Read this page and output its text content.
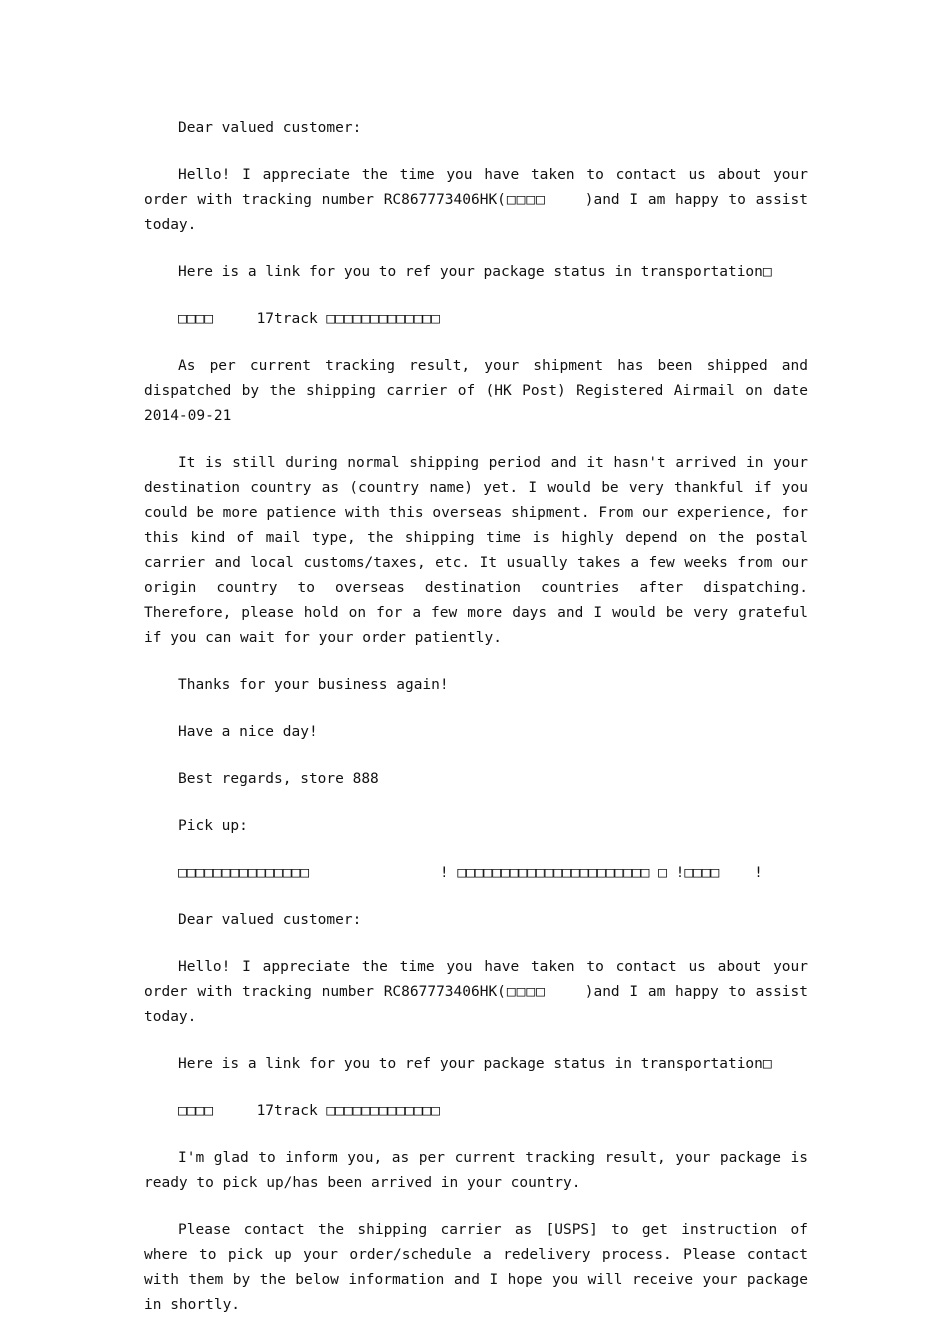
Dear valued customer:

Hello! I appreciate the time you have taken to contact us about your order with tracking number RC867773406HK(□□□□    )and I am happy to assist today.

Here is a link for you to ref your package status in transportation□

□□□□     17track □□□□□□□□□□□□□

As per current tracking result, your shipment has been shipped and dispatched by the shipping carrier of (HK Post) Registered Airmail on date 2014-09-21

It is still during normal shipping period and it hasn't arrived in your destination country as (country name) yet. I would be very thankful if you could be more patience with this overseas shipment. From our experience, for this kind of mail type, the shipping time is highly depend on the postal carrier and local customs/taxes, etc. It usually takes a few weeks from our origin country to overseas destination countries after dispatching. Therefore, please hold on for a few more days and I would be very grateful if you can wait for your order patiently.

Thanks for your business again!

Have a nice day!

Best regards, store 888

Pick up:

□□□□□□□□□□□□□□□               ! □□□□□□□□□□□□□□□□□□□□□□ □ !□□□□    !

Dear valued customer:

Hello! I appreciate the time you have taken to contact us about your order with tracking number RC867773406HK(□□□□    )and I am happy to assist today.

Here is a link for you to ref your package status in transportation□

□□□□     17track □□□□□□□□□□□□□

I'm glad to inform you, as per current tracking result, your package is ready to pick up/has been arrived in your country.

Please contact the shipping carrier as [USPS] to get instruction of where to pick up your order/schedule a redelivery process. Please contact with them by the below information and I hope you will receive your package in shortly.
